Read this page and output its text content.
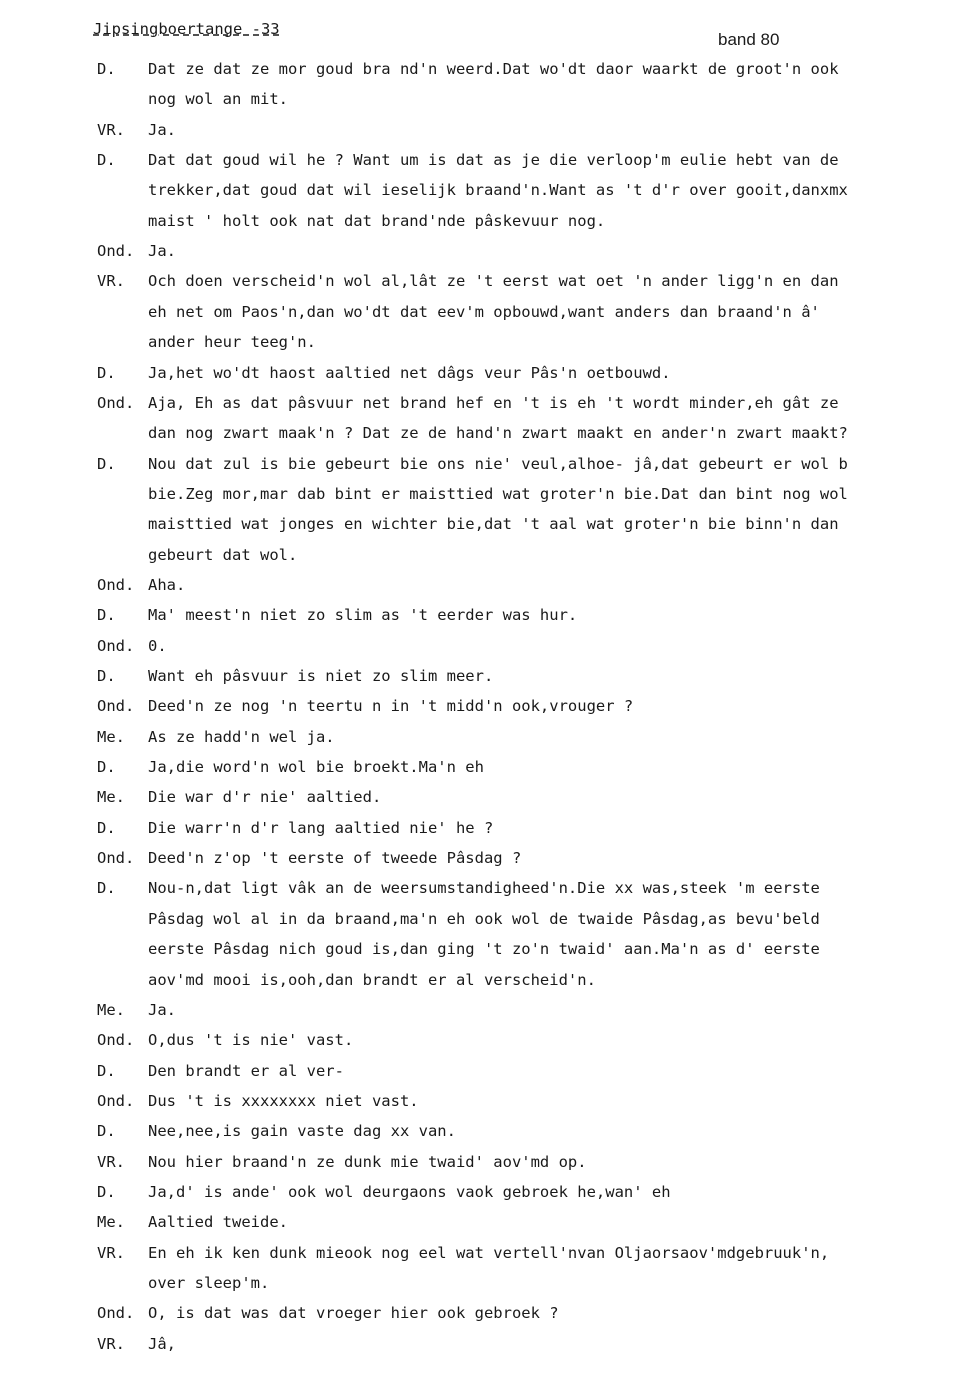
Jipsingboertange -33
band 80
D. Dat ze dat ze mor goud bra nd'n weerd.Dat wo'dt daor waarkt de groot'n ook
nog wol an mit.
VR. Ja.
D. Dat dat goud wil he ? Want um is dat as je die verloop'm eulie hebt van de
trekker,dat goud dat wil ieselijk braand'n.Want as 't d'r over gooit,danxmx
maist ' holt ook nat dat brand'nde pâskevuur nog.
Ond. Ja.
VR. Och doen verscheid'n wol al,lât ze 't eerst wat oet 'n ander ligg'n en dan
eh net om Paos'n,dan wo'dt dat eev'm opbouwd,want anders dan braand'n â'
ander heur teeg'n.
D. Ja,het wo'dt haost aaltied net dâgs veur Pâs'n oetbouwd.
Ond. Aja, Eh as dat pâsvuur net brand hef en 't is eh 't wordt minder,eh gât ze
dan nog zwart maak'n ? Dat ze de hand'n zwart maakt en ander'n zwart maakt?
D. Nou dat zul is bie gebeurt bie ons nie' veul,alhoe- jâ,dat gebeurt er wol b
bie.Zeg mor,mar dab bint er maisttied wat groter'n bie.Dat dan bint nog wol
maisttied wat jonges en wichter bie,dat 't aal wat groter'n bie binn'n dan
gebeurt dat wol.
Ond. Aha.
D. Ma' meest'n niet zo slim as 't eerder was hur.
Ond. 0.
D. Want eh pâsvuur is niet zo slim meer.
Ond. Deed'n ze nog 'n teertu n in 't midd'n ook,vrouger ?
Me. As ze hadd'n wel ja.
D. Ja,die word'n wol bie broekt.Ma'n eh
Me. Die war d'r nie' aaltied.
D. Die warr'n d'r lang aaltied nie' he ?
Ond. Deed'n z'op 't eerste of tweede Pâsdag ?
D. Nou-n,dat ligt vâk an de weersumstandigheed'n.Die xx was,steek 'm eerste
Pâsdag wol al in da braand,ma'n eh ook wol de twaide Pâsdag,as bevu'beld
eerste Pâsdag nich goud is,dan ging 't zo'n twaid' aan.Ma'n as d' eerste
aov'md mooi is,ooh,dan brandt er al verscheid'n.
Me. Ja.
Ond. O,dus 't is nie' vast.
D. Den brandt er al ver-
Ond. Dus 't is xxxxxxxx niet vast.
D. Nee,nee,is gain vaste dag xx van.
VR. Nou hier braand'n ze dunk mie twaid' aov'md op.
D. Ja,d' is ande' ook wol deurgaons vaok gebroek he,wan' eh
Me. Aaltied tweide.
VR. En eh ik ken dunk mieook nog eel wat vertell'nvan Oljaorsaov'mdgebruuk'n,
over sleep'm.
Ond. O, is dat was dat vroeger hier ook gebroek ?
VR. Jâ,
